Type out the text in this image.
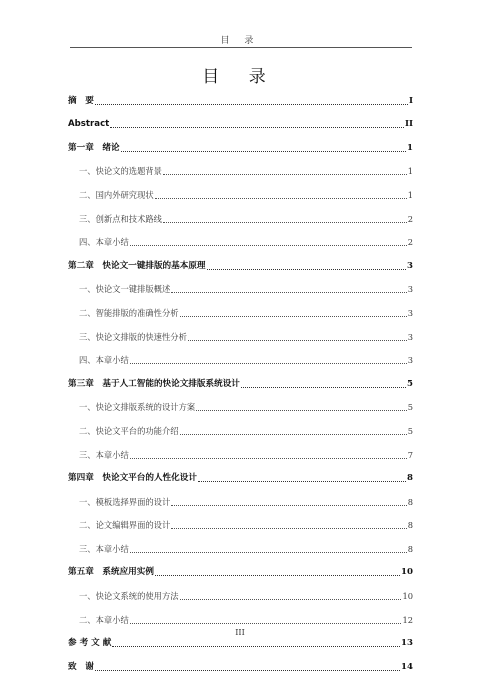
目 录
目 录
摘　要	I
Abstract	II
第一章　绪论	1
一、快论文的选题背景	1
二、国内外研究现状	1
三、创新点和技术路线	2
四、本章小结	2
第二章　快论文一键排版的基本原理	3
一、快论文一键排版概述	3
二、智能排版的准确性分析	3
三、快论文排版的快速性分析	3
四、本章小结	3
第三章　基于人工智能的快论文排版系统设计	5
一、快论文排版系统的设计方案	5
二、快论文平台的功能介绍	5
三、本章小结	7
第四章　快论文平台的人性化设计	8
一、模板选择界面的设计	8
二、论文编辑界面的设计	8
三、本章小结	8
第五章　系统应用实例	10
一、快论文系统的使用方法	10
二、本章小结	12
参 考 文 献	13
致　谢	14
III
